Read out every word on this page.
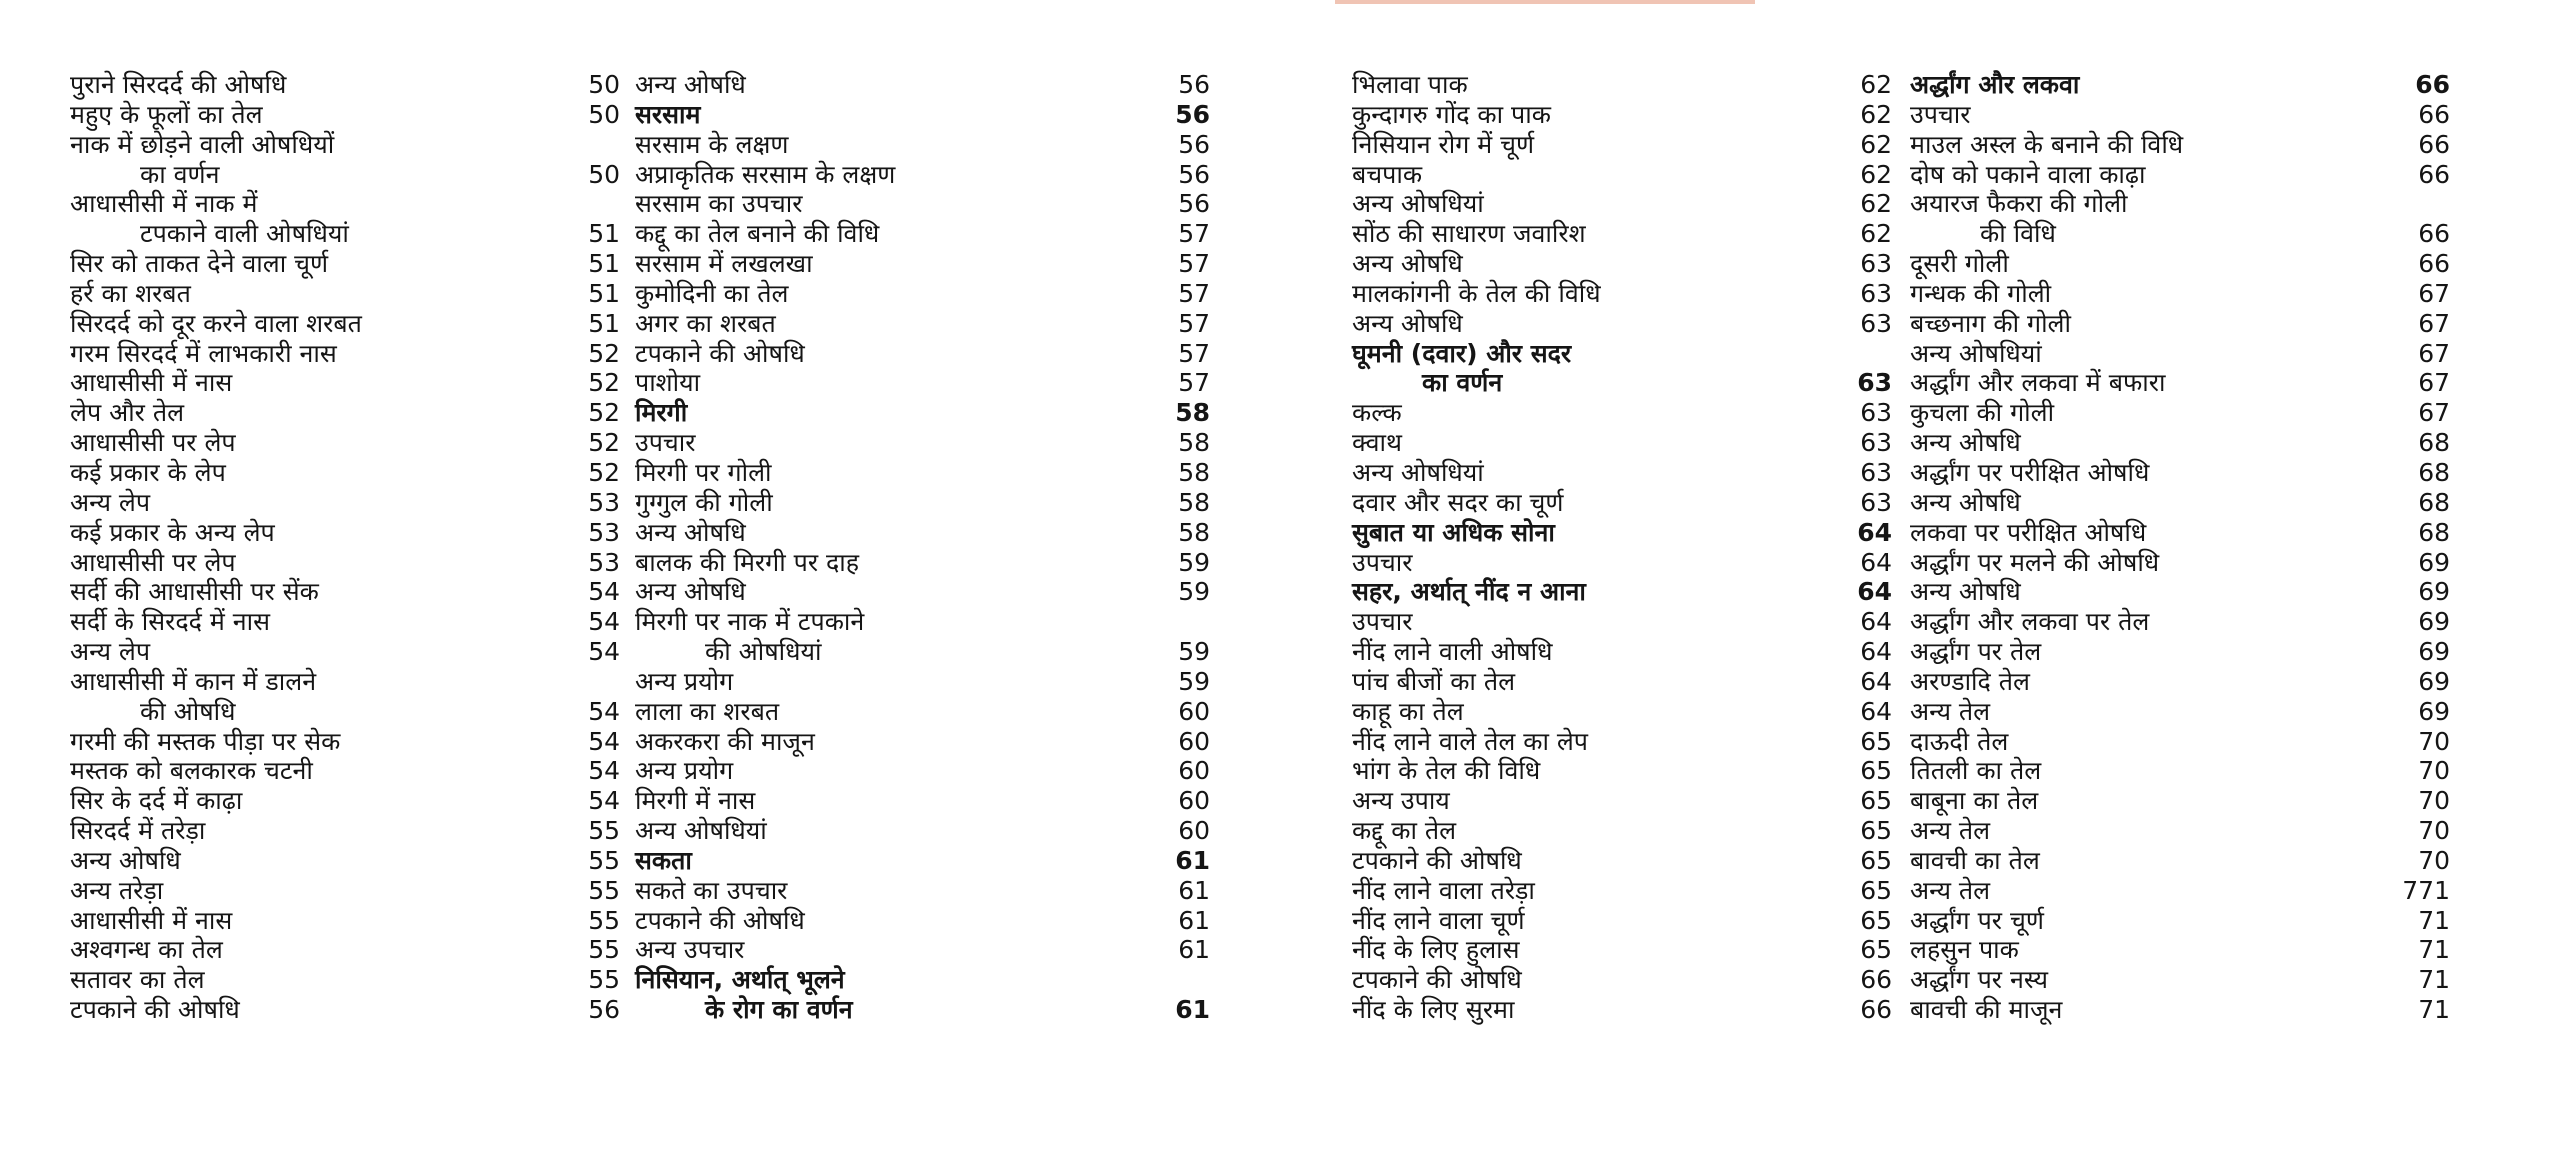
पुराने सिरदर्द की ओषधि	50
महुए के फूलों का तेल	50
नाक में छोड़ने वाली ओषधियों
का वर्णन	50
आधासीसी में नाक में
टपकाने वाली ओषधियां	51
सिर को ताकत देने वाला चूर्ण	51
हर्र का शरबत	51
सिरदर्द को दूर करने वाला शरबत	51
गरम सिरदर्द में लाभकारी नास	52
आधासीसी में नास	52
लेप और तेल	52
आधासीसी पर लेप	52
कई प्रकार के लेप	52
अन्य लेप	53
कई प्रकार के अन्य लेप	53
आधासीसी पर लेप	53
सर्दी की आधासीसी पर सेंक	54
सर्दी के सिरदर्द में नास	54
अन्य लेप	54
आधासीसी में कान में डालने
की ओषधि	54
गरमी की मस्तक पीड़ा पर सेक	54
मस्तक को बलकारक चटनी	54
सिर के दर्द में काढ़ा	54
सिरदर्द में तरेड़ा	55
अन्य ओषधि	55
अन्य तरेड़ा	55
आधासीसी में नास	55
अश्वगन्ध का तेल	55
सतावर का तेल	55
टपकाने की ओषधि	56
अन्य ओषधि	56
सरसाम	56
सरसाम के लक्षण	56
अप्राकृतिक सरसाम के लक्षण	56
सरसाम का उपचार	56
कद्दू का तेल बनाने की विधि	57
सरसाम में लखलखा	57
कुमोदिनी का तेल	57
अगर का शरबत	57
टपकाने की ओषधि	57
पाशोया	57
मिरगी	58
उपचार	58
मिरगी पर गोली	58
गुग्गुल की गोली	58
अन्य ओषधि	58
बालक की मिरगी पर दाह	59
अन्य ओषधि	59
मिरगी पर नाक में टपकाने
की ओषधियां	59
अन्य प्रयोग	59
लाला का शरबत	60
अकरकरा की माजून	60
अन्य प्रयोग	60
मिरगी में नास	60
अन्य ओषधियां	60
सकता	61
सकते का उपचार	61
टपकाने की ओषधि	61
अन्य उपचार	61
निसियान, अर्थात् भूलने
के रोग का वर्णन	61
भिलावा पाक	62
कुन्दागरु गोंद का पाक	62
निसियान रोग में चूर्ण	62
बचपाक	62
अन्य ओषधियां	62
सोंठ की साधारण जवारिश	62
अन्य ओषधि	63
मालकांगनी के तेल की विधि	63
अन्य ओषधि	63
घूमनी (दवार) और सदर
का वर्णन	63
कल्क	63
क्वाथ	63
अन्य ओषधियां	63
दवार और सदर का चूर्ण	63
सुबात या अधिक सोना	64
उपचार	64
सहर, अर्थात् नींद न आना	64
उपचार	64
नींद लाने वाली ओषधि	64
पांच बीजों का तेल	64
काहू का तेल	64
नींद लाने वाले तेल का लेप	65
भांग के तेल की विधि	65
अन्य उपाय	65
कद्दू का तेल	65
टपकाने की ओषधि	65
नींद लाने वाला तरेड़ा	65
नींद लाने वाला चूर्ण	65
नींद के लिए हुलास	65
टपकाने की ओषधि	66
नींद के लिए सुरमा	66
अर्द्धांग और लकवा	66
उपचार	66
माउल अस्ल के बनाने की विधि	66
दोष को पकाने वाला काढ़ा	66
अयारज फैकरा की गोली
की विधि	66
दूसरी गोली	66
गन्धक की गोली	67
बच्छनाग की गोली	67
अन्य ओषधियां	67
अर्द्धांग और लकवा में बफारा	67
कुचला की गोली	67
अन्य ओषधि	68
अर्द्धांग पर परीक्षित ओषधि	68
अन्य ओषधि	68
लकवा पर परीक्षित ओषधि	68
अर्द्धांग पर मलने की ओषधि	69
अन्य ओषधि	69
अर्द्धांग और लकवा पर तेल	69
अर्द्धांग पर तेल	69
अरण्डादि तेल	69
अन्य तेल	69
दाऊदी तेल	70
तितली का तेल	70
बाबूना का तेल	70
अन्य तेल	70
बावची का तेल	70
अन्य तेल	771
अर्द्धांग पर चूर्ण	71
लहसुन पाक	71
अर्द्धांग पर नस्य	71
बावची की माजून	71
